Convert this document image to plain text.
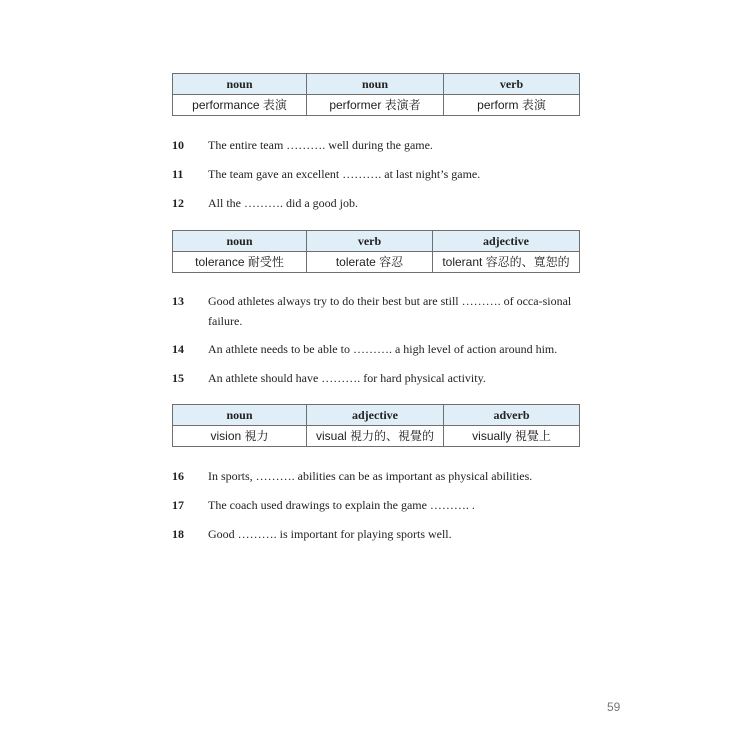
noun	noun	verb
performance 表演	performer 表演者	perform 表演
10 The entire team ………. well during the game.
11 The team gave an excellent ………. at last night’s game.
12 All the ………. did a good job.
noun	verb	adjective
tolerance 耐受性	tolerate 容忍	tolerant 容忍的、寬恕的
13 Good athletes always try to do their best but are still ………. of occa-sional failure.
14 An athlete needs to be able to ………. a high level of action around him.
15 An athlete should have ………. for hard physical activity.
noun	adjective	adverb
vision 視力	visual 視力的、視覺的	visually 視覺上
16 In sports, ………. abilities can be as important as physical abilities.
17 The coach used drawings to explain the game ………. .
18 Good ………. is important for playing sports well.
59
